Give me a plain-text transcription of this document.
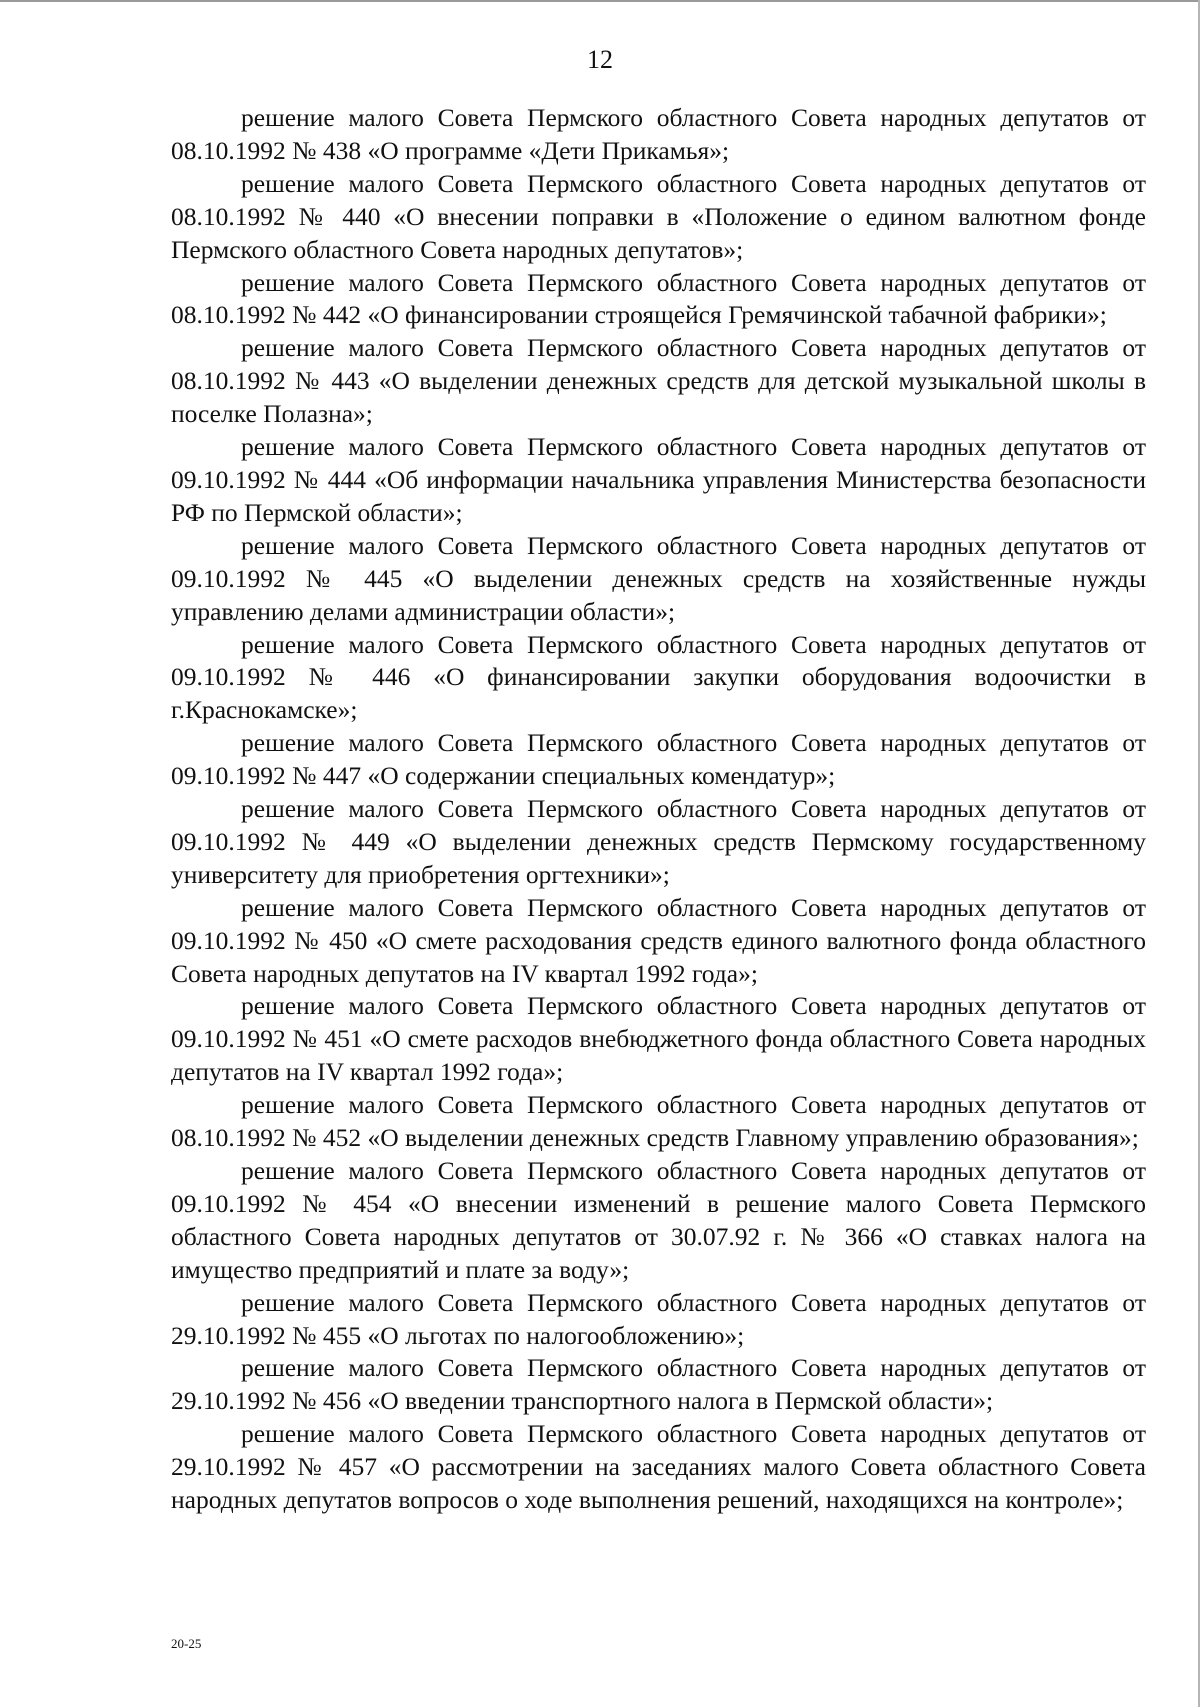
12

решение малого Совета Пермского областного Совета народных депутатов от 08.10.1992 № 438 «О программе «Дети Прикамья»;

решение малого Совета Пермского областного Совета народных депутатов от 08.10.1992 № 440 «О внесении поправки в «Положение о едином валютном фонде Пермского областного Совета народных депутатов»;

решение малого Совета Пермского областного Совета народных депутатов от 08.10.1992 № 442 «О финансировании строящейся Гремячинской табачной фабрики»;

решение малого Совета Пермского областного Совета народных депутатов от 08.10.1992 № 443 «О выделении денежных средств для детской музыкальной школы в поселке Полазна»;

решение малого Совета Пермского областного Совета народных депутатов от 09.10.1992 № 444 «Об информации начальника управления Министерства безопасности РФ по Пермской области»;

решение малого Совета Пермского областного Совета народных депутатов от 09.10.1992 № 445 «О выделении денежных средств на хозяйственные нужды управлению делами администрации области»;

решение малого Совета Пермского областного Совета народных депутатов от 09.10.1992 № 446 «О финансировании закупки оборудования водоочистки в г.Краснокамске»;

решение малого Совета Пермского областного Совета народных депутатов от 09.10.1992 № 447 «О содержании специальных комендатур»;

решение малого Совета Пермского областного Совета народных депутатов от 09.10.1992 № 449 «О выделении денежных средств Пермскому государственному университету для приобретения оргтехники»;

решение малого Совета Пермского областного Совета народных депутатов от 09.10.1992 № 450 «О смете расходования средств единого валютного фонда областного Совета народных депутатов на IV квартал 1992 года»;

решение малого Совета Пермского областного Совета народных депутатов от 09.10.1992 № 451 «О смете расходов внебюджетного фонда областного Совета народных депутатов на IV квартал 1992 года»;

решение малого Совета Пермского областного Совета народных депутатов от 08.10.1992 № 452 «О выделении денежных средств Главному управлению образования»;

решение малого Совета Пермского областного Совета народных депутатов от 09.10.1992 № 454 «О внесении изменений в решение малого Совета Пермского областного Совета народных депутатов от 30.07.92 г. № 366 «О ставках налога на имущество предприятий и плате за воду»;

решение малого Совета Пермского областного Совета народных депутатов от 29.10.1992 № 455 «О льготах по налогообложению»;

решение малого Совета Пермского областного Совета народных депутатов от 29.10.1992 № 456 «О введении транспортного налога в Пермской области»;

решение малого Совета Пермского областного Совета народных депутатов от 29.10.1992 № 457 «О рассмотрении на заседаниях малого Совета областного Совета народных депутатов вопросов о ходе выполнения решений, находящихся на контроле»;

20-25
